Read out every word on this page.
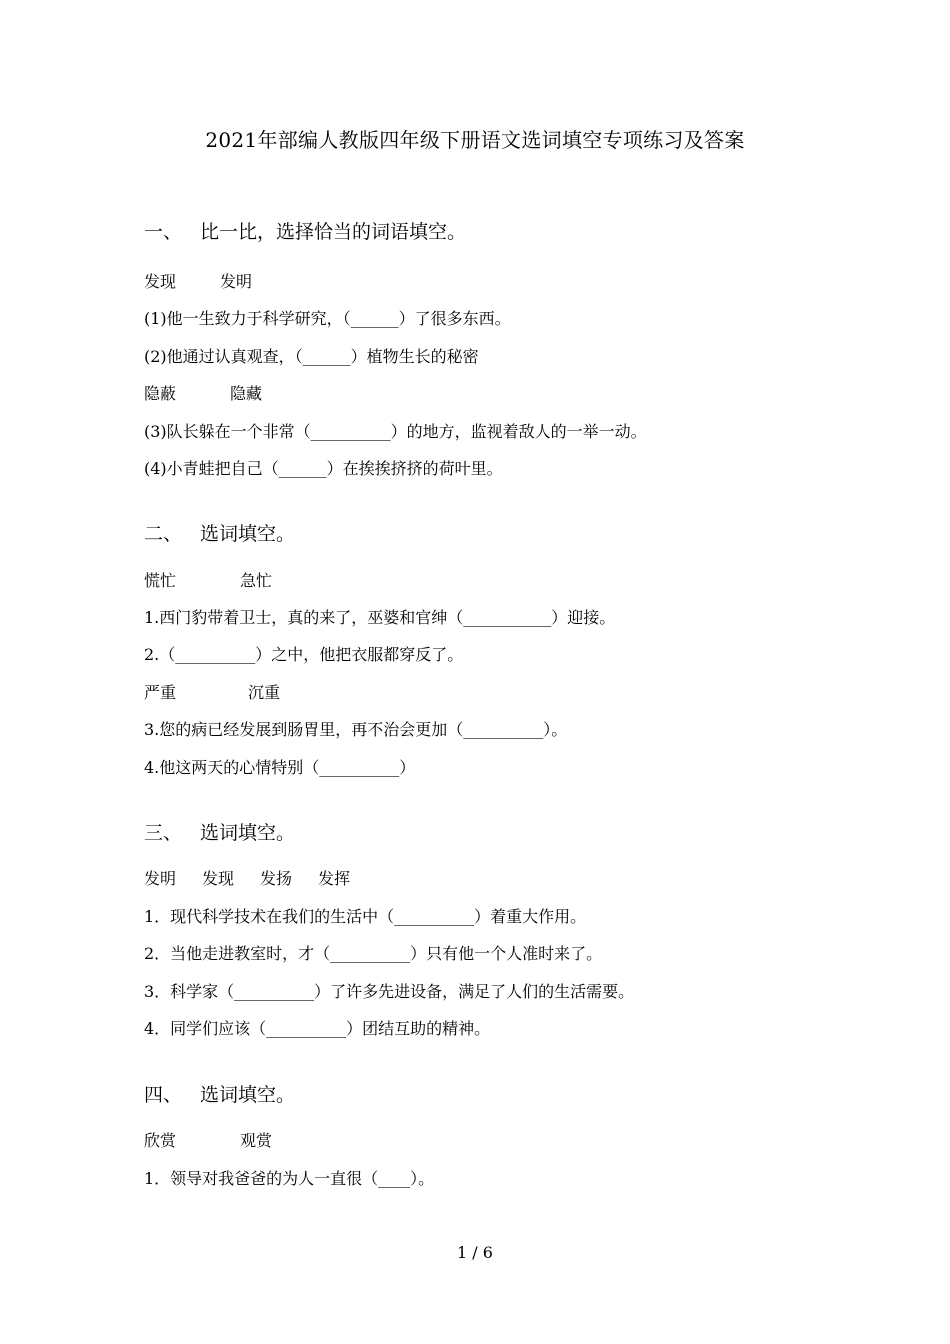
2021年部编人教版四年级下册语文选词填空专项练习及答案
一、 比一比，选择恰当的词语填空。
发现	发明
(1)他一生致力于科学研究，（______）了很多东西。
(2)他通过认真观查，（______）植物生长的秘密
隐蔽	隐藏
(3)队长躲在一个非常（__________）的地方，监视着敌人的一举一动。
(4)小青蛙把自己（______）在挨挨挤挤的荷叶里。
二、 选词填空。
慌忙	急忙
1.西门豹带着卫士，真的来了，巫婆和官绅（___________）迎接。
2.（__________）之中，他把衣服都穿反了。
严重	沉重
3.您的病已经发展到肠胃里，再不治会更加（__________）。
4.他这两天的心情特别（__________）
三、 选词填空。
发明 发现 发扬 发挥
1．现代科学技术在我们的生活中（__________）着重大作用。
2．当他走进教室时，才（__________）只有他一个人准时来了。
3．科学家（__________）了许多先进设备，满足了人们的生活需要。
4．同学们应该（__________）团结互助的精神。
四、 选词填空。
欣赏	观赏
1．领导对我爸爸的为人一直很（____）。
1 / 6
